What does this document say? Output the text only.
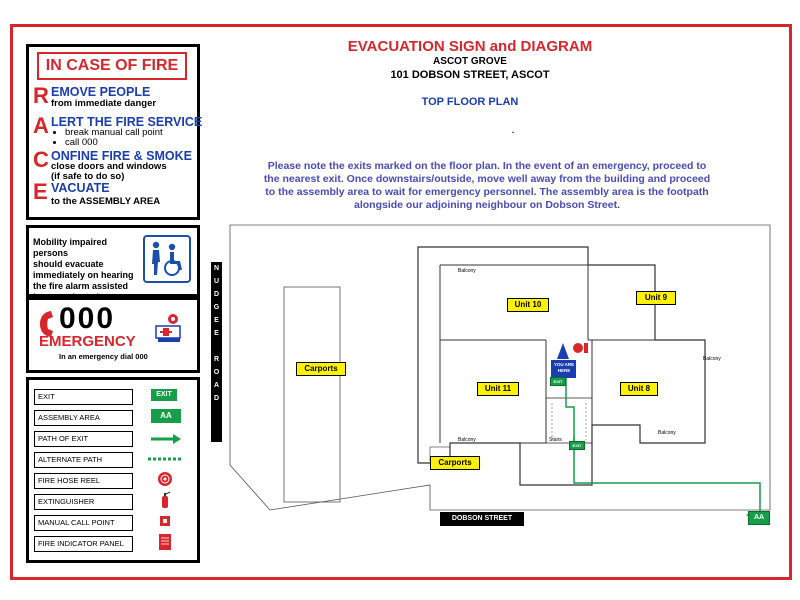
IN CASE OF FIRE
R EMOVE PEOPLE
from immediate danger
A LERT THE FIRE SERVICE
• break manual call point
• call 000
C ONFINE FIRE & SMOKE
close doors and windows
(if safe to do so)
E VACUATE
to the ASSEMBLY AREA
Mobility impaired persons
should evacuate
immediately on hearing
the fire alarm assisted
000
EMERGENCY
In an emergency dial 000
EXIT	EXIT
ASSEMBLY AREA	AA
PATH OF EXIT
ALTERNATE PATH
FIRE HOSE REEL
EXTINGUISHER
MANUAL CALL POINT
FIRE INDICATOR PANEL
EVACUATION SIGN and DIAGRAM
ASCOT GROVE
101 DOBSON STREET, ASCOT
TOP FLOOR PLAN
.
Please note the exits marked on the floor plan. In the event of an emergency, proceed to the nearest exit. Once downstairs/outside, move well away from the building and proceed to the assembly area to wait for emergency personnel. The assembly area is the footpath alongside our adjoining neighbour on Dobson Street.
N
U
D
G
E
E
R
O
A
D
DOBSON STREET
Carports
Carports
Unit 10
Unit 9
Unit 11	Unit 8
Balcony
Balcony
Balcony
Balcony
Stairs
YOU ARE HERE
EXIT
EXIT
AA
